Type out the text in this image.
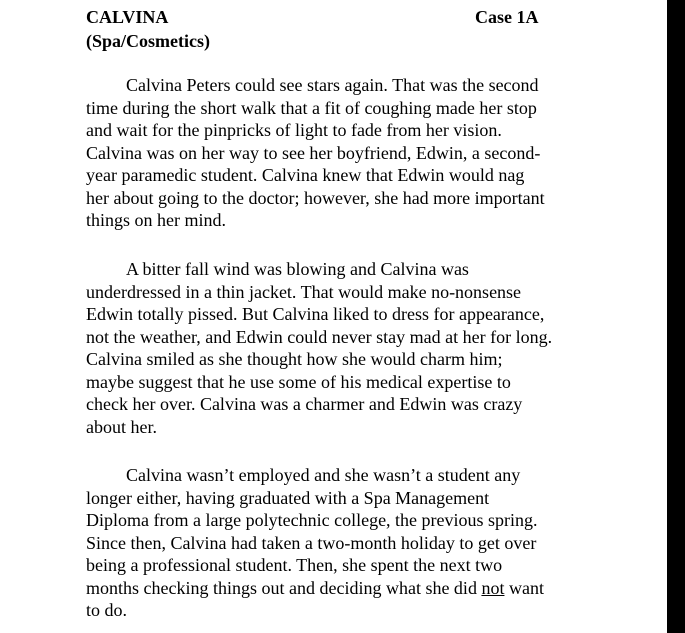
CALVINA
(Spa/Cosmetics)
Case 1A
Calvina Peters could see stars again. That was the second
time during the short walk that a fit of coughing made her stop
and wait for the pinpricks of light to fade from her vision.
Calvina was on her way to see her boyfriend, Edwin, a second-
year paramedic student. Calvina knew that Edwin would nag
her about going to the doctor; however, she had more important
things on her mind.
A bitter fall wind was blowing and Calvina was
underdressed in a thin jacket. That would make no-nonsense
Edwin totally pissed. But Calvina liked to dress for appearance,
not the weather, and Edwin could never stay mad at her for long.
Calvina smiled as she thought how she would charm him;
maybe suggest that he use some of his medical expertise to
check her over. Calvina was a charmer and Edwin was crazy
about her.
Calvina wasn’t employed and she wasn’t a student any
longer either, having graduated with a Spa Management
Diploma from a large polytechnic college, the previous spring.
Since then, Calvina had taken a two-month holiday to get over
being a professional student. Then, she spent the next two
months checking things out and deciding what she did not want
to do.
